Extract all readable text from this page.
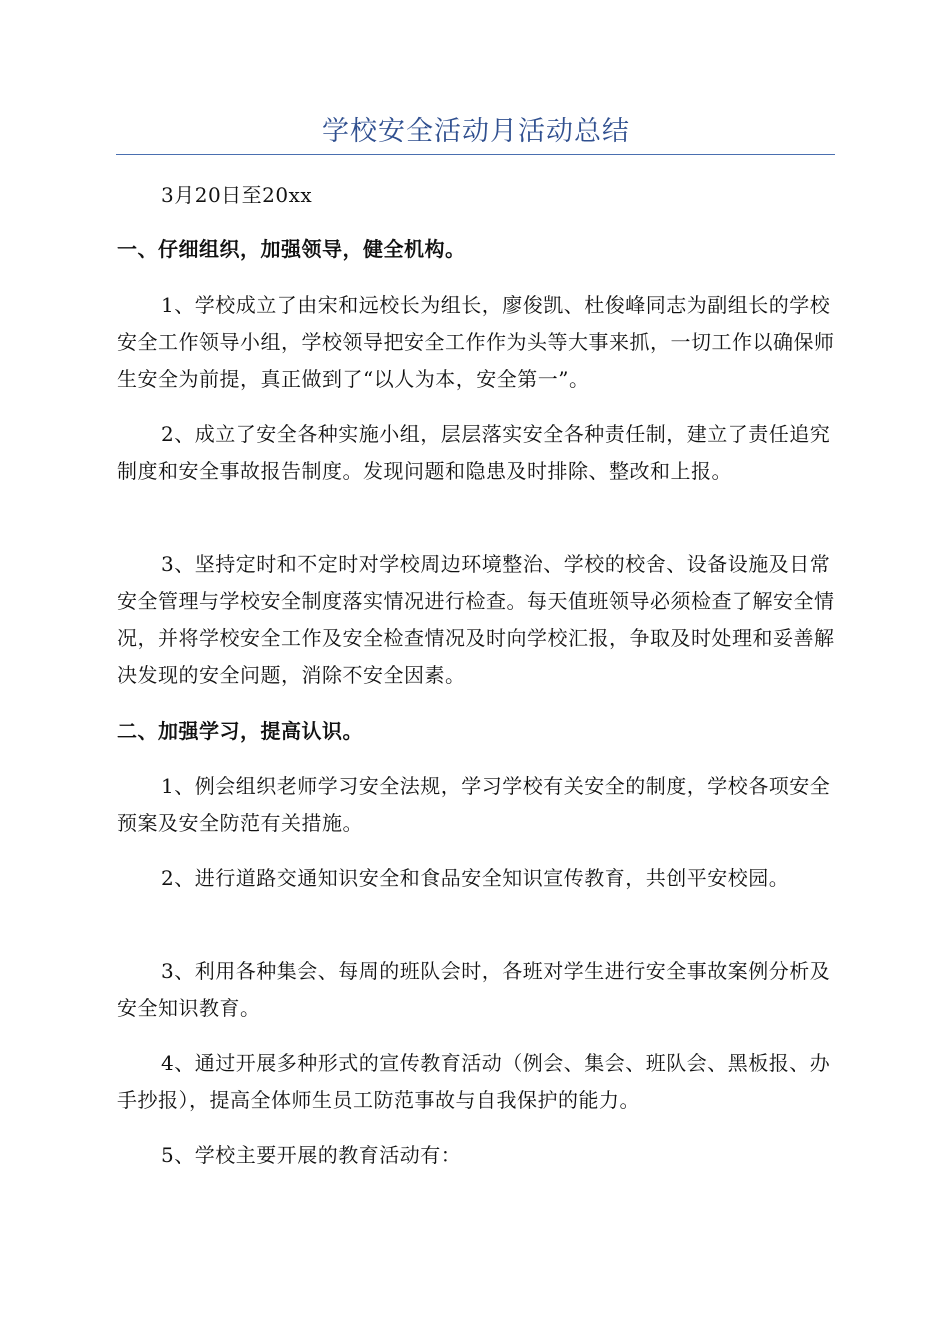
学校安全活动月活动总结
3月20日至20xx
一、仔细组织，加强领导，健全机构。
1、学校成立了由宋和远校长为组长，廖俊凯、杜俊峰同志为副组长的学校安全工作领导小组，学校领导把安全工作作为头等大事来抓，一切工作以确保师生安全为前提，真正做到了“以人为本，安全第一”。
2、成立了安全各种实施小组，层层落实安全各种责任制，建立了责任追究制度和安全事故报告制度。发现问题和隐患及时排除、整改和上报。
3、坚持定时和不定时对学校周边环境整治、学校的校舍、设备设施及日常安全管理与学校安全制度落实情况进行检查。每天值班领导必须检查了解安全情况，并将学校安全工作及安全检查情况及时向学校汇报，争取及时处理和妥善解决发现的安全问题，消除不安全因素。
二、加强学习，提高认识。
1、例会组织老师学习安全法规，学习学校有关安全的制度，学校各项安全预案及安全防范有关措施。
2、进行道路交通知识安全和食品安全知识宣传教育，共创平安校园。
3、利用各种集会、每周的班队会时，各班对学生进行安全事故案例分析及安全知识教育。
4、通过开展多种形式的宣传教育活动（例会、集会、班队会、黑板报、办手抄报），提高全体师生员工防范事故与自我保护的能力。
5、学校主要开展的教育活动有：
